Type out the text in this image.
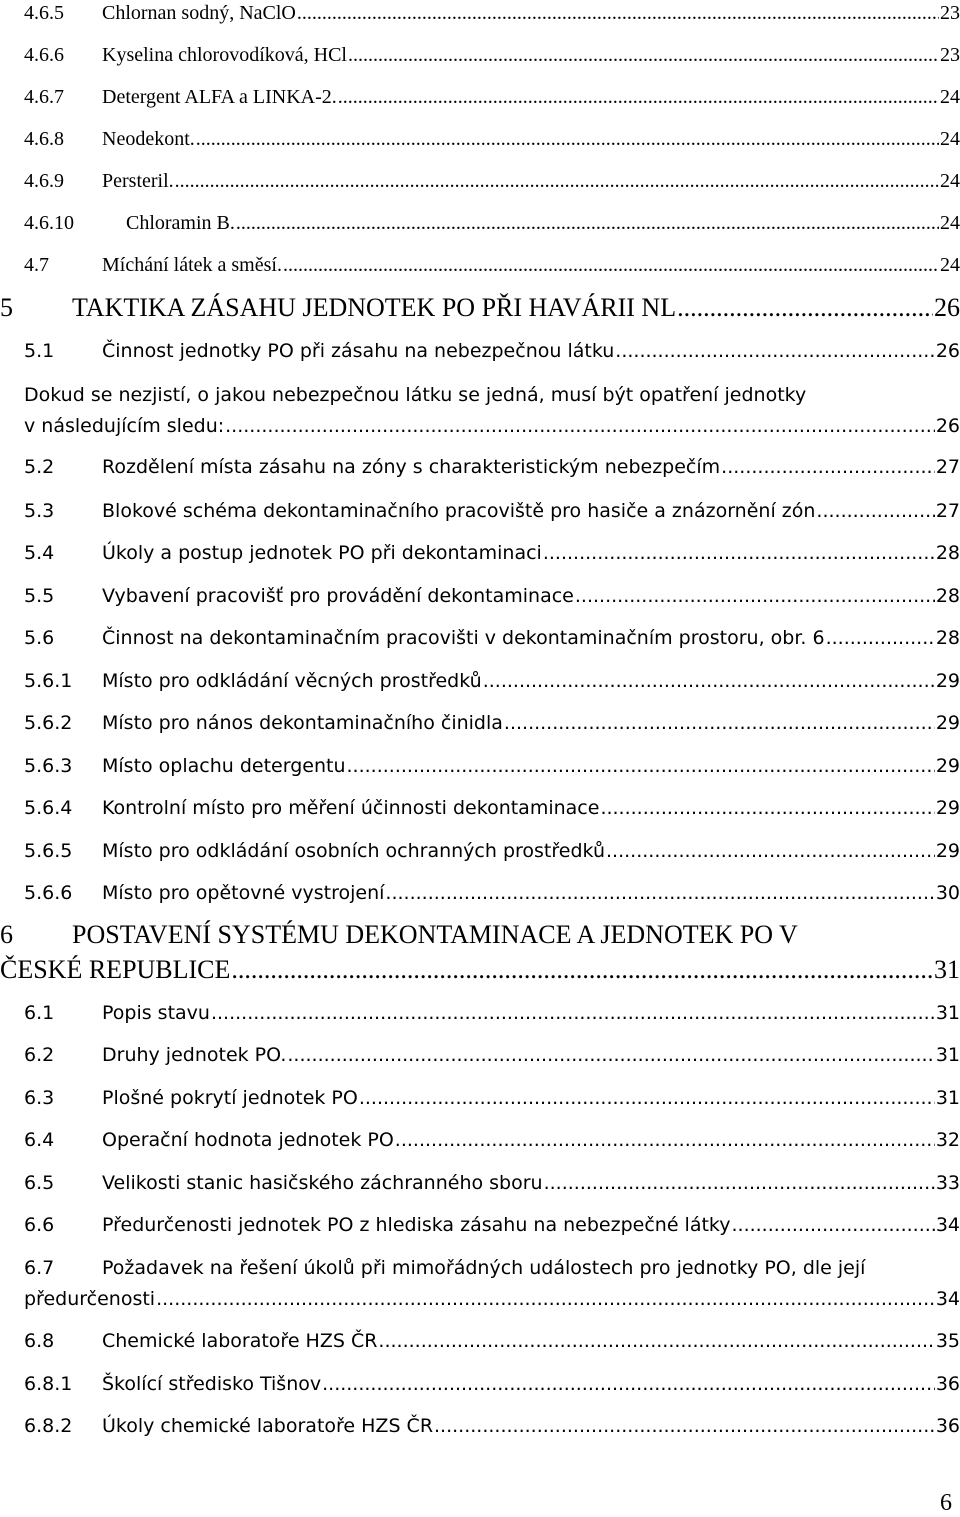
4.6.5	Chlornan sodný, NaClO .....	23
4.6.6	Kyselina chlorovodíková, HCl .....	23
4.6.7	Detergent ALFA a LINKA-2. .....	24
4.6.8	Neodekont. .....	24
4.6.9	Persteril. .....	24
4.6.10	Chloramin B. .....	24
4.7	Míchání látek a směsí. .....	24
5	TAKTIKA ZÁSAHU JEDNOTEK PO PŘI HAVÁRII NL .....	26
5.1	Činnost jednotky PO při zásahu na nebezpečnou látku .....	26
Dokud se nezjistí, o jakou nebezpečnou látku se jedná, musí být opatření jednotky
v následujícím sledu: .....	26
5.2	Rozdělení místa zásahu na zóny s charakteristickým nebezpečím .....	27
5.3	Blokové schéma dekontaminačního pracoviště pro hasiče a znázornění zón .....	27
5.4	Úkoly a postup jednotek PO při dekontaminaci .....	28
5.5	Vybavení pracovišť pro provádění dekontaminace .....	28
5.6	Činnost na dekontaminačním pracovišti v dekontaminačním prostoru, obr. 6 .....	28
5.6.1	Místo pro odkládání věcných prostředků .....	29
5.6.2	Místo pro nános dekontaminačního činidla .....	29
5.6.3	Místo oplachu detergentu .....	29
5.6.4	Kontrolní místo pro měření účinnosti dekontaminace .....	29
5.6.5	Místo pro odkládání osobních ochranných prostředků .....	29
5.6.6	Místo pro opětovné vystrojení .....	30
6	POSTAVENÍ SYSTÉMU DEKONTAMINACE A JEDNOTEK PO V
ČESKÉ REPUBLICE .....	31
6.1	Popis stavu .....	31
6.2	Druhy jednotek PO. .....	31
6.3	Plošné pokrytí jednotek PO .....	31
6.4	Operační hodnota jednotek PO .....	32
6.5	Velikosti stanic hasičského záchranného sboru .....	33
6.6	Předurčenosti jednotek PO z hlediska zásahu na nebezpečné látky .....	34
6.7	Požadavek na řešení úkolů při mimořádných událostech pro jednotky PO, dle její
předurčenosti .....	34
6.8	Chemické laboratoře HZS ČR .....	35
6.8.1	Školící středisko Tišnov .....	36
6.8.2	Úkoly chemické laboratoře HZS ČR .....	36
6
